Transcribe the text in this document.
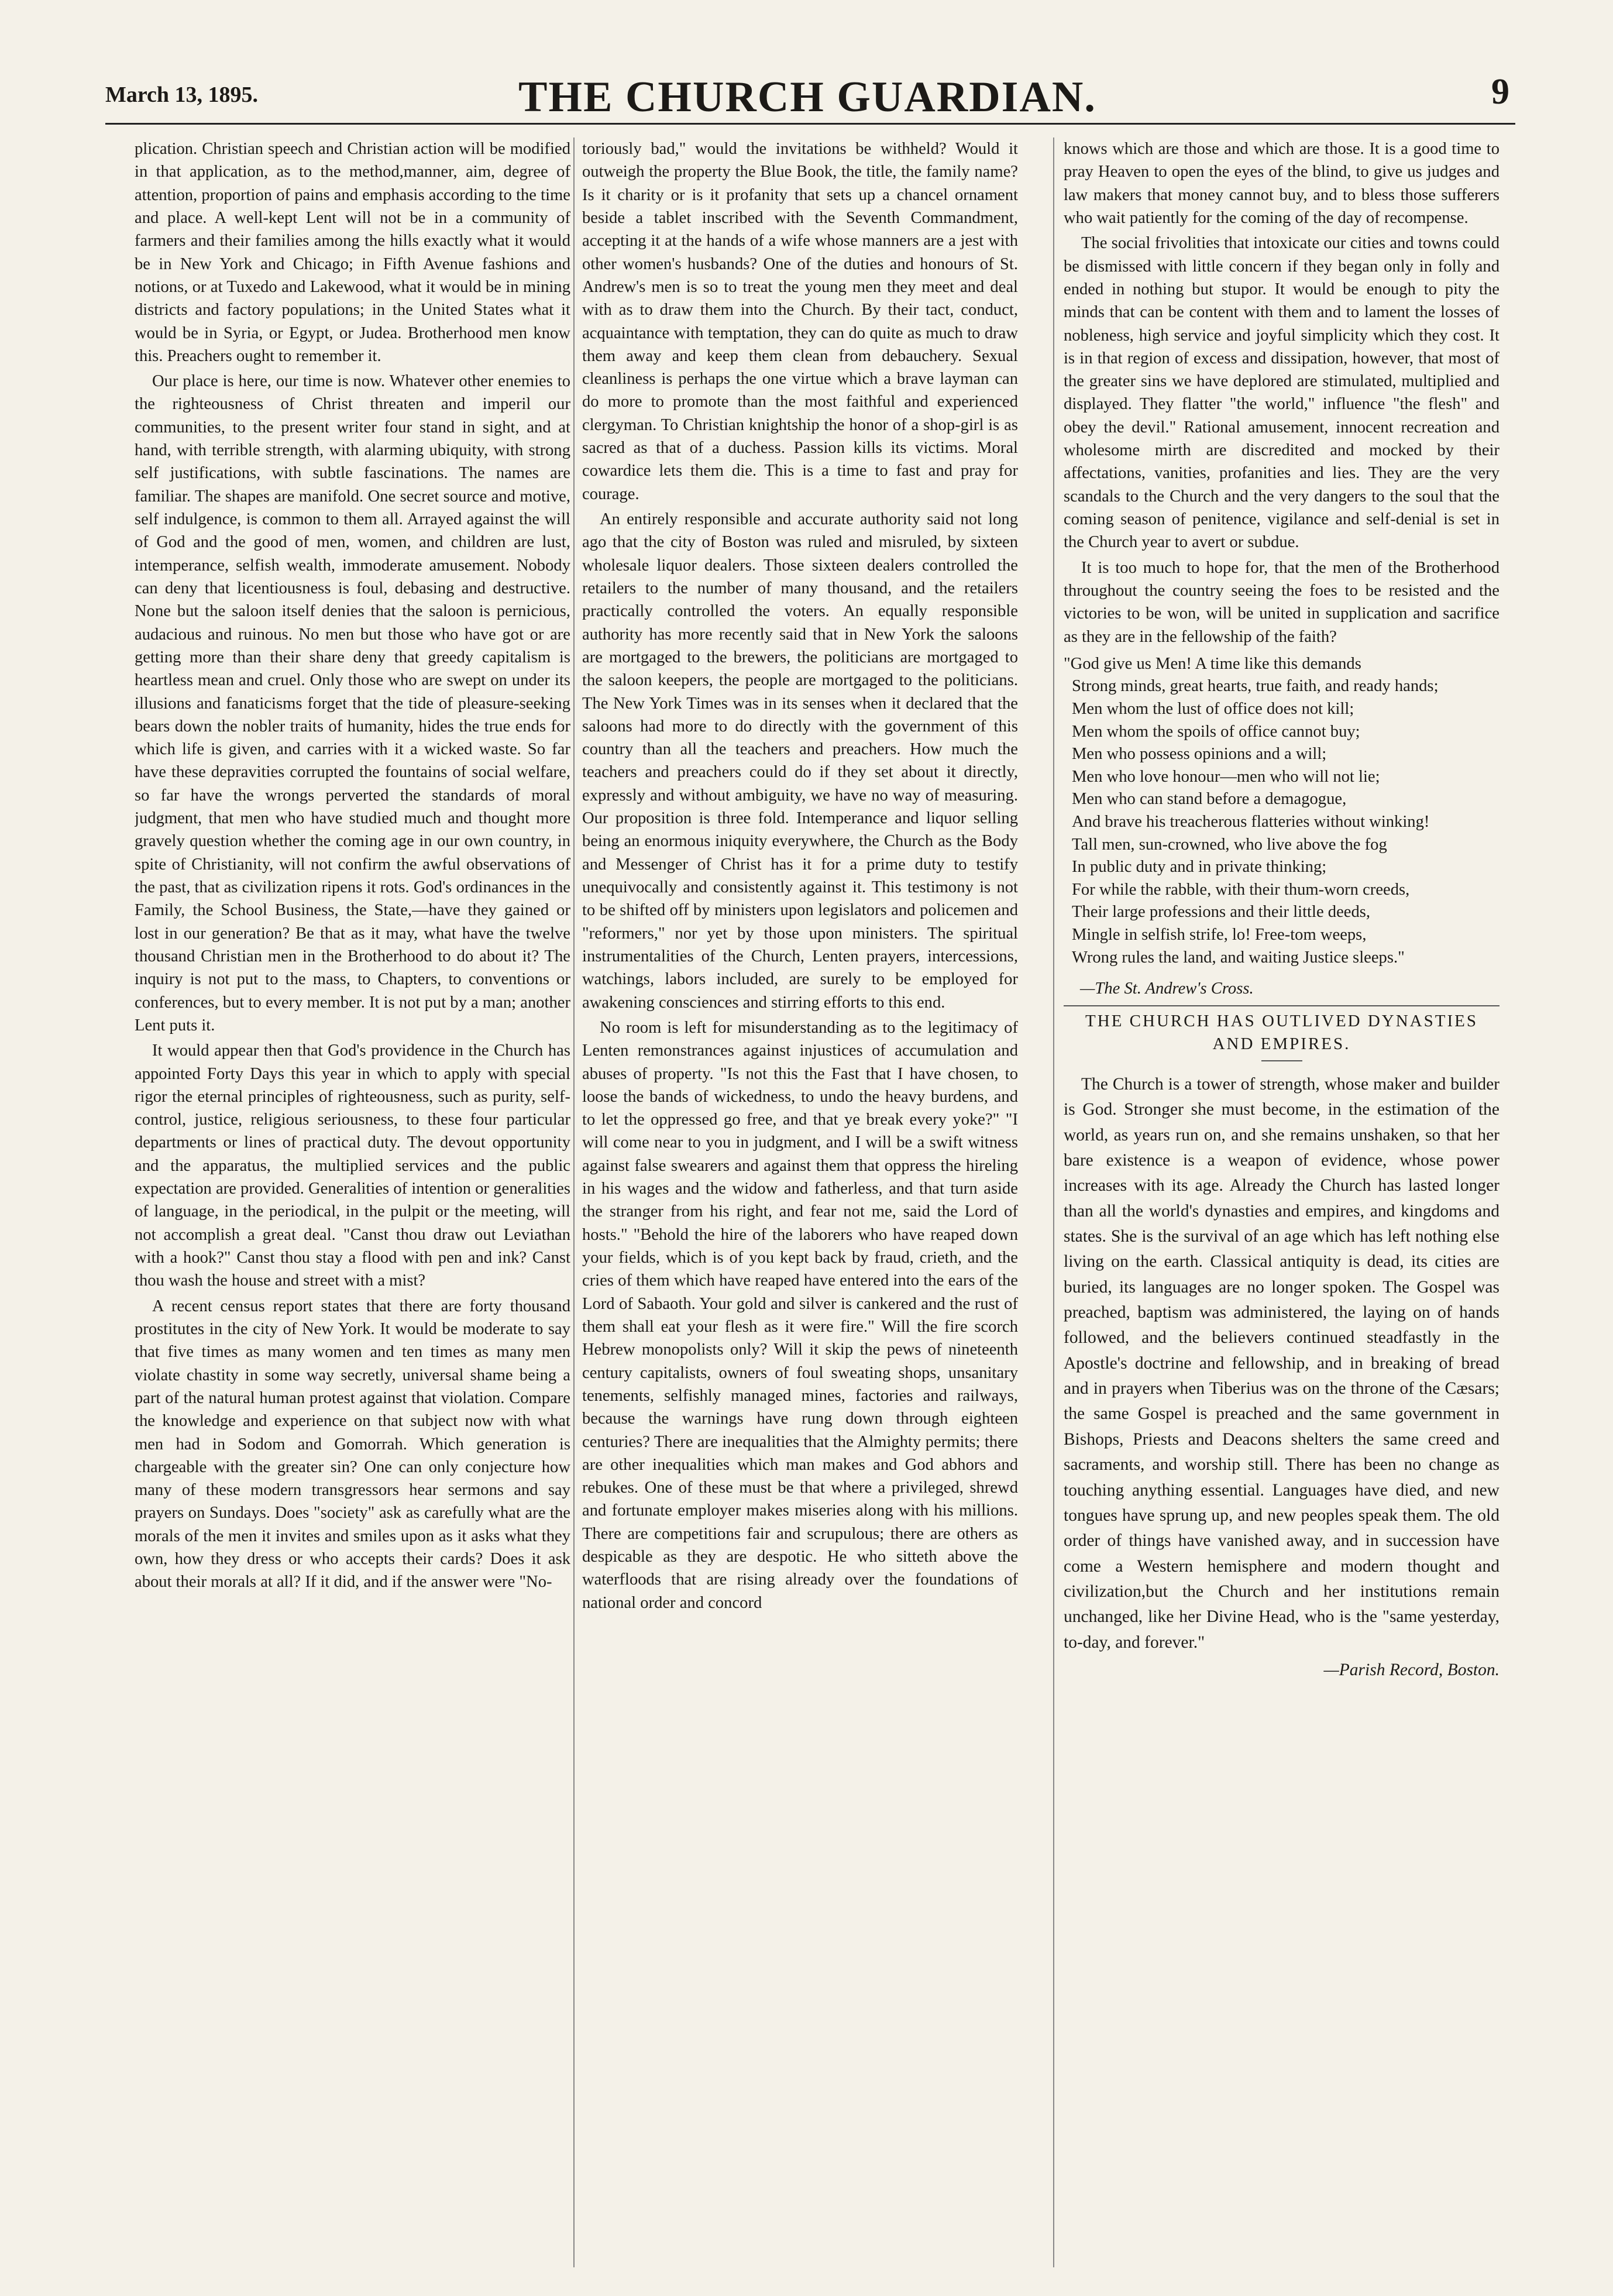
March 13, 1895.	THE CHURCH GUARDIAN.	9

plication. Christian speech and Christian action will be modified in that application, as to the method,manner, aim, degree of attention, proportion of pains and emphasis according to the time and place. A well-kept Lent will not be in a community of farmers and their families among the hills exactly what it would be in New York and Chicago; in Fifth Avenue fashions and notions, or at Tuxedo and Lakewood, what it would be in mining districts and factory populations; in the United States what it would be in Syria, or Egypt, or Judea. Brotherhood men know this. Preachers ought to remember it.

Our place is here, our time is now. Whatever other enemies to the righteousness of Christ threaten and imperil our communities, to the present writer four stand in sight, and at hand, with terrible strength, with alarming ubiquity, with strong self justifications, with subtle fascinations. The names are familiar. The shapes are manifold. One secret source and motive, self indulgence, is common to them all. Arrayed against the will of God and the good of men, women, and children are lust, intemperance, selfish wealth, immoderate amusement. Nobody can deny that licentiousness is foul, debasing and destructive. None but the saloon itself denies that the saloon is pernicious, audacious and ruinous. No men but those who have got or are getting more than their share deny that greedy capitalism is heartless mean and cruel. Only those who are swept on under its illusions and fanaticisms forget that the tide of pleasure-seeking bears down the nobler traits of humanity, hides the true ends for which life is given, and carries with it a wicked waste. So far have these depravities corrupted the fountains of social welfare, so far have the wrongs perverted the standards of moral judgment, that men who have studied much and thought more gravely question whether the coming age in our own country, in spite of Christianity, will not confirm the awful observations of the past, that as civilization ripens it rots. God's ordinances in the Family, the School Business, the State,—have they gained or lost in our generation? Be that as it may, what have the twelve thousand Christian men in the Brotherhood to do about it? The inquiry is not put to the mass, to Chapters, to conventions or conferences, but to every member. It is not put by a man; another Lent puts it.

It would appear then that God's providence in the Church has appointed Forty Days this year in which to apply with special rigor the eternal principles of righteousness, such as purity, self-control, justice, religious seriousness, to these four particular departments or lines of practical duty. The devout opportunity and the apparatus, the multiplied services and the public expectation are provided. Generalities of intention or generalities of language, in the periodical, in the pulpit or the meeting, will not accomplish a great deal. "Canst thou draw out Leviathan with a hook?" Canst thou stay a flood with pen and ink? Canst thou wash the house and street with a mist?

A recent census report states that there are forty thousand prostitutes in the city of New York. It would be moderate to say that five times as many women and ten times as many men violate chastity in some way secretly, universal shame being a part of the natural human protest against that violation. Compare the knowledge and experience on that subject now with what men had in Sodom and Gomorrah. Which generation is chargeable with the greater sin? One can only conjecture how many of these modern transgressors hear sermons and say prayers on Sundays. Does "society" ask as carefully what are the morals of the men it invites and smiles upon as it asks what they own, how they dress or who accepts their cards? Does it ask about their morals at all? If it did, and if the answer were "No-

toriously bad," would the invitations be withheld? Would it outweigh the property the Blue Book, the title, the family name? Is it charity or is it profanity that sets up a chancel ornament beside a tablet inscribed with the Seventh Commandment, accepting it at the hands of a wife whose manners are a jest with other women's husbands? One of the duties and honours of St. Andrew's men is so to treat the young men they meet and deal with as to draw them into the Church. By their tact, conduct, acquaintance with temptation, they can do quite as much to draw them away and keep them clean from debauchery. Sexual cleanliness is perhaps the one virtue which a brave layman can do more to promote than the most faithful and experienced clergyman. To Christian knightship the honor of a shop-girl is as sacred as that of a duchess. Passion kills its victims. Moral cowardice lets them die. This is a time to fast and pray for courage.

An entirely responsible and accurate authority said not long ago that the city of Boston was ruled and misruled, by sixteen wholesale liquor dealers. Those sixteen dealers controlled the retailers to the number of many thousand, and the retailers practically controlled the voters. An equally responsible authority has more recently said that in New York the saloons are mortgaged to the brewers, the politicians are mortgaged to the saloon keepers, the people are mortgaged to the politicians. The New York Times was in its senses when it declared that the saloons had more to do directly with the government of this country than all the teachers and preachers. How much the teachers and preachers could do if they set about it directly, expressly and without ambiguity, we have no way of measuring. Our proposition is three fold. Intemperance and liquor selling being an enormous iniquity everywhere, the Church as the Body and Messenger of Christ has it for a prime duty to testify unequivocally and consistently against it. This testimony is not to be shifted off by ministers upon legislators and policemen and "reformers," nor yet by those upon ministers. The spiritual instrumentalities of the Church, Lenten prayers, intercessions, watchings, labors included, are surely to be employed for awakening consciences and stirring efforts to this end.

No room is left for misunderstanding as to the legitimacy of Lenten remonstrances against injustices of accumulation and abuses of property. "Is not this the Fast that I have chosen, to loose the bands of wickedness, to undo the heavy burdens, and to let the oppressed go free, and that ye break every yoke?" "I will come near to you in judgment, and I will be a swift witness against false swearers and against them that oppress the hireling in his wages and the widow and fatherless, and that turn aside the stranger from his right, and fear not me, said the Lord of hosts." "Behold the hire of the laborers who have reaped down your fields, which is of you kept back by fraud, crieth, and the cries of them which have reaped have entered into the ears of the Lord of Sabaoth. Your gold and silver is cankered and the rust of them shall eat your flesh as it were fire." Will the fire scorch Hebrew monopolists only? Will it skip the pews of nineteenth century capitalists, owners of foul sweating shops, unsanitary tenements, selfishly managed mines, factories and railways, because the warnings have rung down through eighteen centuries? There are inequalities that the Almighty permits; there are other inequalities which man makes and God abhors and rebukes. One of these must be that where a privileged, shrewd and fortunate employer makes miseries along with his millions. There are competitions fair and scrupulous; there are others as despicable as they are despotic. He who sitteth above the waterfloods that are rising already over the foundations of national order and concord

knows which are those and which are those. It is a good time to pray Heaven to open the eyes of the blind, to give us judges and law makers that money cannot buy, and to bless those sufferers who wait patiently for the coming of the day of recompense.

The social frivolities that intoxicate our cities and towns could be dismissed with little concern if they began only in folly and ended in nothing but stupor. It would be enough to pity the minds that can be content with them and to lament the losses of nobleness, high service and joyful simplicity which they cost. It is in that region of excess and dissipation, however, that most of the greater sins we have deplored are stimulated, multiplied and displayed. They flatter "the world," influence "the flesh" and obey the devil." Rational amusement, innocent recreation and wholesome mirth are discredited and mocked by their affectations, vanities, profanities and lies. They are the very scandals to the Church and the very dangers to the soul that the coming season of penitence, vigilance and self-denial is set in the Church year to avert or subdue.

It is too much to hope for, that the men of the Brotherhood throughout the country seeing the foes to be resisted and the victories to be won, will be united in supplication and sacrifice as they are in the fellowship of the faith?

"God give us Men! A time like this demands
Strong minds, great hearts, true faith, and ready hands;
Men whom the lust of office does not kill;
Men whom the spoils of office cannot buy;
Men who possess opinions and a will;
Men who love honour—men who will not lie;
Men who can stand before a demagogue,
And brave his treacherous flatteries without winking!
Tall men, sun-crowned, who live above the fog
In public duty and in private thinking;
For while the rabble, with their thum-worn creeds,
Their large professions and their little deeds,
Mingle in selfish strife, lo! Free-tom weeps,
Wrong rules the land, and waiting Justice sleeps."
—The St. Andrew's Cross.
THE CHURCH HAS OUTLIVED DYNASTIES AND EMPIRES.

The Church is a tower of strength, whose maker and builder is God. Stronger she must become, in the estimation of the world, as years run on, and she remains unshaken, so that her bare existence is a weapon of evidence, whose power increases with its age. Already the Church has lasted longer than all the world's dynasties and empires, and kingdoms and states. She is the survival of an age which has left nothing else living on the earth. Classical antiquity is dead, its cities are buried, its languages are no longer spoken. The Gospel was preached, baptism was administered, the laying on of hands followed, and the believers continued steadfastly in the Apostle's doctrine and fellowship, and in breaking of bread and in prayers when Tiberius was on the throne of the Cæsars; the same Gospel is preached and the same government in Bishops, Priests and Deacons shelters the same creed and sacraments, and worship still. There has been no change as touching anything essential. Languages have died, and new tongues have sprung up, and new peoples speak them. The old order of things have vanished away, and in succession have come a Western hemisphere and modern thought and civilization,but the Church and her institutions remain unchanged, like her Divine Head, who is the "same yesterday, to-day, and forever."

—Parish Record, Boston.
